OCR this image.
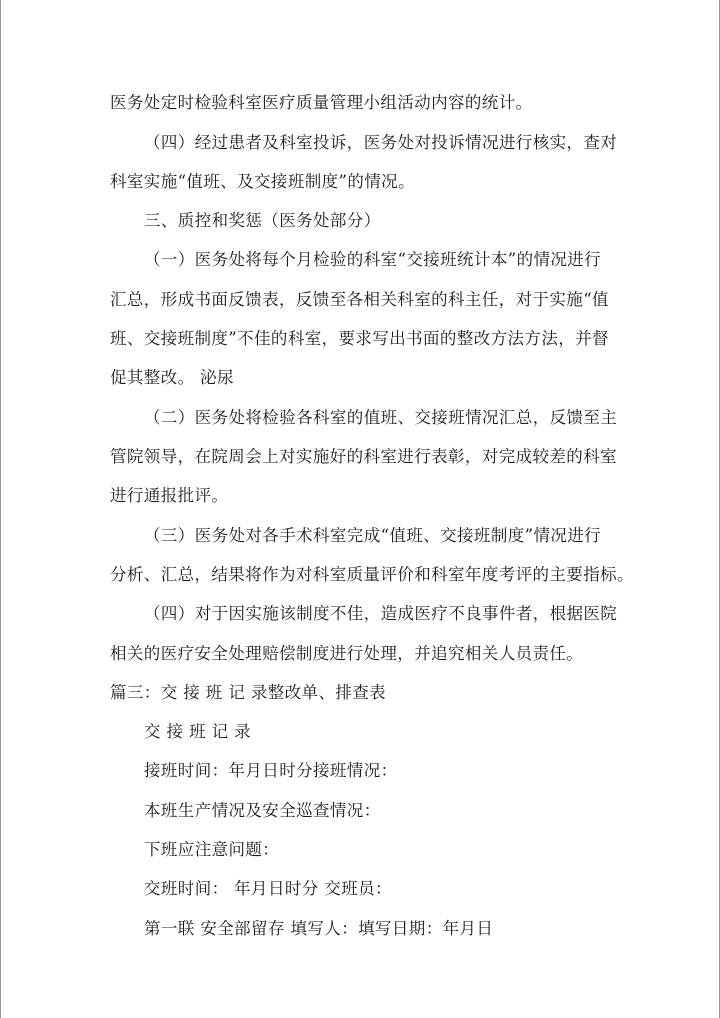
医务处定时检验科室医疗质量管理小组活动内容的统计。
（四）经过患者及科室投诉，医务处对投诉情况进行核实，查对
科室实施“值班、及交接班制度”的情况。
三、质控和奖惩（医务处部分）
（一）医务处将每个月检验的科室“交接班统计本”的情况进行
汇总，形成书面反馈表，反馈至各相关科室的科主任，对于实施“值
班、交接班制度”不佳的科室，要求写出书面的整改方法方法，并督
促其整改。 泌尿
（二）医务处将检验各科室的值班、交接班情况汇总，反馈至主
管院领导，在院周会上对实施好的科室进行表彰，对完成较差的科室
进行通报批评。
（三）医务处对各手术科室完成“值班、交接班制度”情况进行
分析、汇总，结果将作为对科室质量评价和科室年度考评的主要指标。
（四）对于因实施该制度不佳，造成医疗不良事件者，根据医院
相关的医疗安全处理赔偿制度进行处理，并追究相关人员责任。
篇三：交 接 班 记 录整改单、排查表
交 接 班 记 录
接班时间：年月日时分接班情况：
本班生产情况及安全巡查情况：
下班应注意问题：
交班时间： 年月日时分 交班员：
第一联 安全部留存 填写人：填写日期：年月日
